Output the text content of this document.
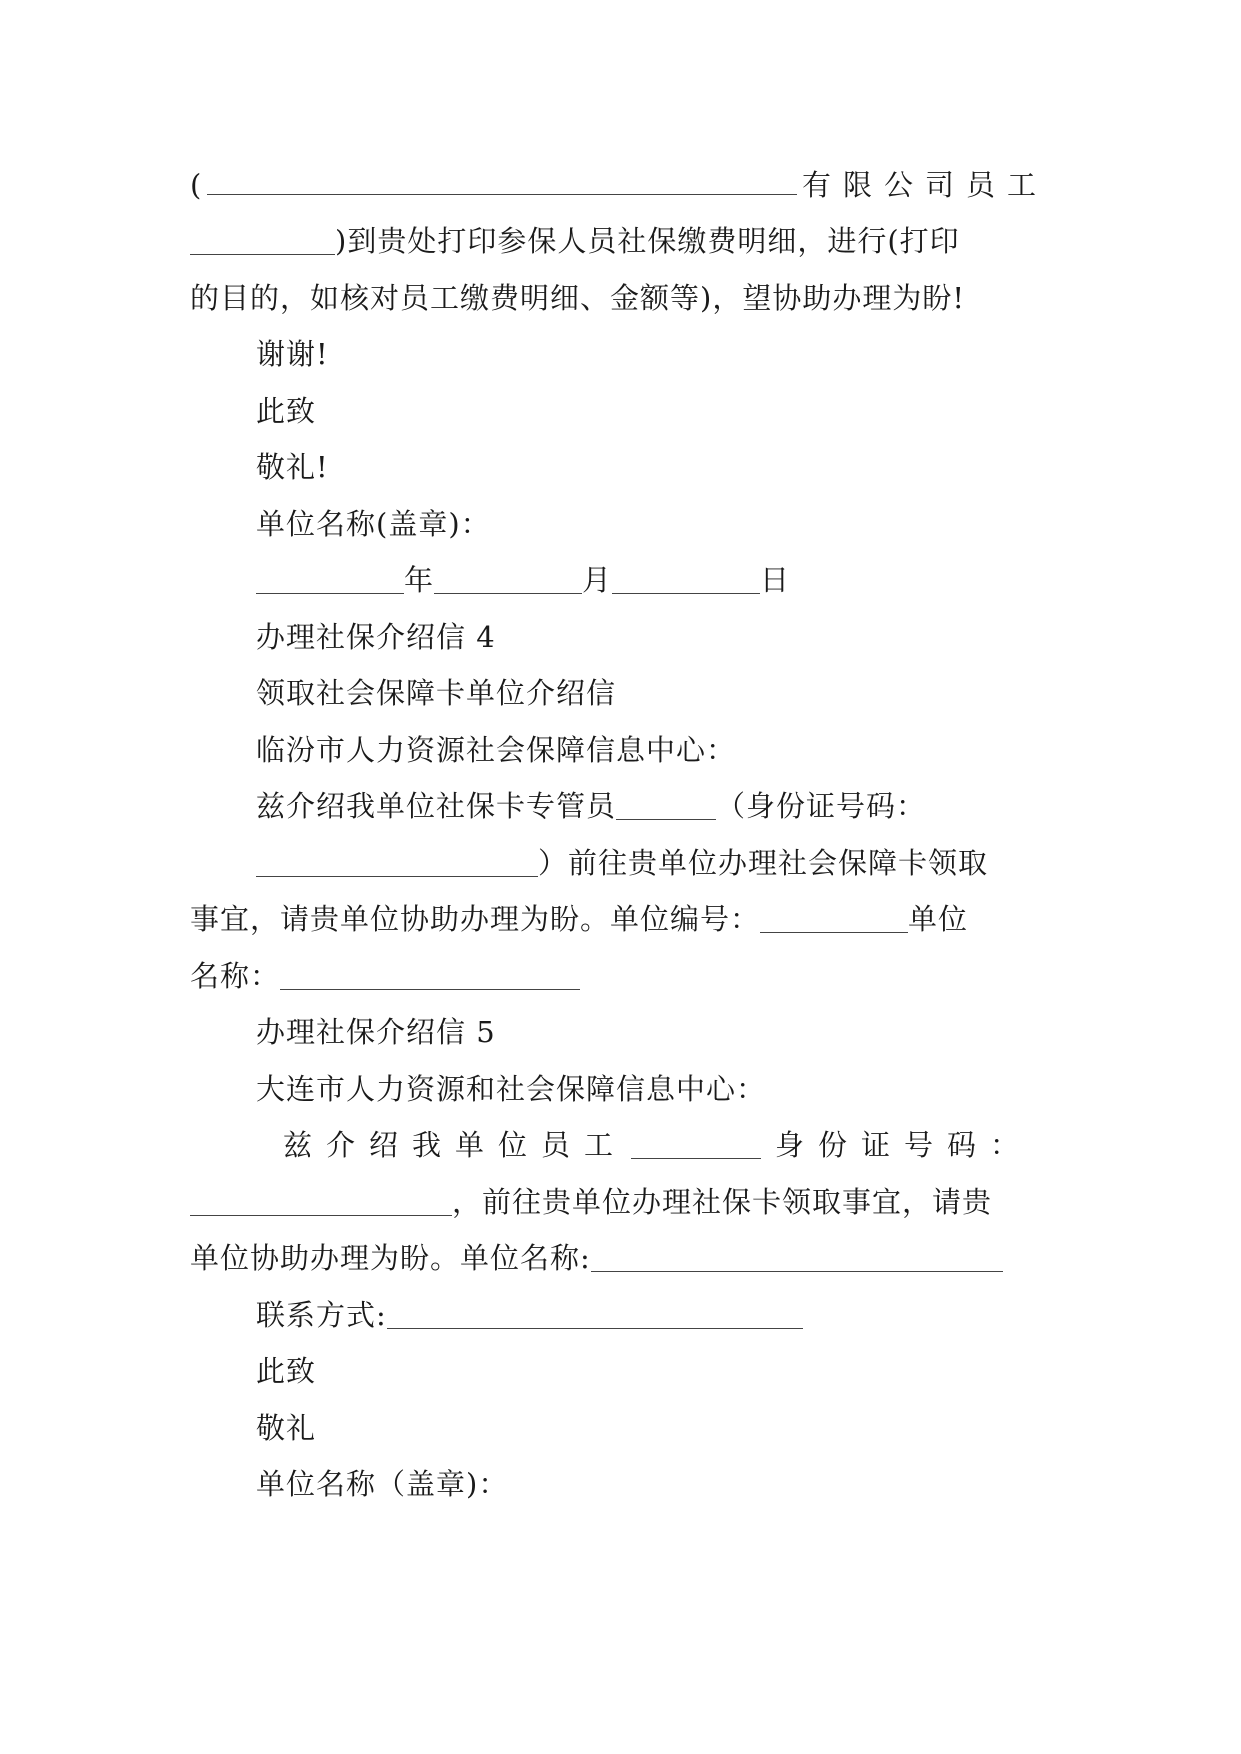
(	有限公司员工
)到贵处打印参保人员社保缴费明细，进行(打印
的目的，如核对员工缴费明细、金额等)，望协助办理为盼!
谢谢!
此致
敬礼!
单位名称(盖章)：
年	月	日
办理社保介绍信 4
领取社会保障卡单位介绍信
临汾市人力资源社会保障信息中心：
兹介绍我单位社保卡专管员	（身份证号码：
）前往贵单位办理社会保障卡领取
事宜，请贵单位协助办理为盼。单位编号：	单位
名称：
办理社保介绍信 5
大连市人力资源和社会保障信息中心：
兹介绍我单位员工	身份证号码：
，前往贵单位办理社保卡领取事宜，请贵
单位协助办理为盼。单位名称:
联系方式:
此致
敬礼
单位名称（盖章)：
